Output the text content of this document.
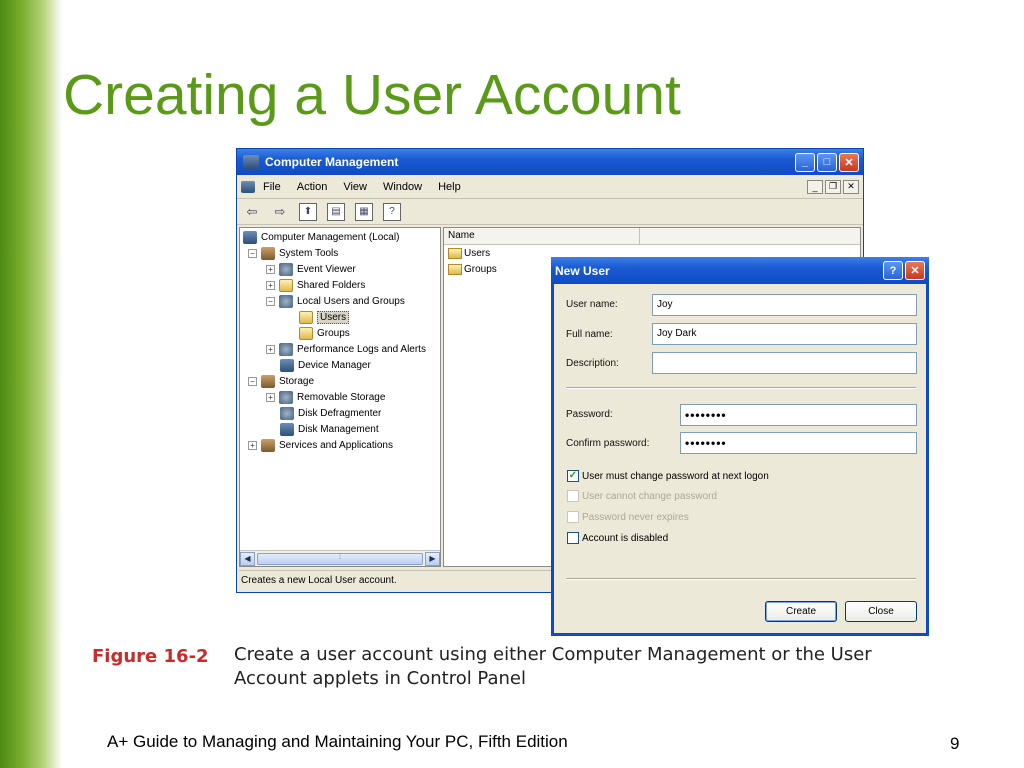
Creating a User Account
Computer Management	_	□	✕
File Action View Window Help	_	❐	✕
⇦ ⇨	⬆	▤	▦	?
Computer Management (Local)
− System Tools
+ Event Viewer
+ Shared Folders
− Local Users and Groups
Users
Groups
+ Performance Logs and Alerts
Device Manager
− Storage
+ Removable Storage
Disk Defragmenter
Disk Management
+ Services and Applications
◀	⁞	▶
Name
Users
Groups
Creates a new Local User account.
New User	?	✕
User name:	Joy
Full name:	Joy Dark
Description:
Password:	••••••••
Confirm password:	••••••••
✓ User must change password at next logon
User cannot change password
Password never expires
Account is disabled
Create	Close
Figure 16-2 Create a user account using either Computer Management or the User Account applets in Control Panel
A+ Guide to Managing and Maintaining Your PC, Fifth Edition	9
